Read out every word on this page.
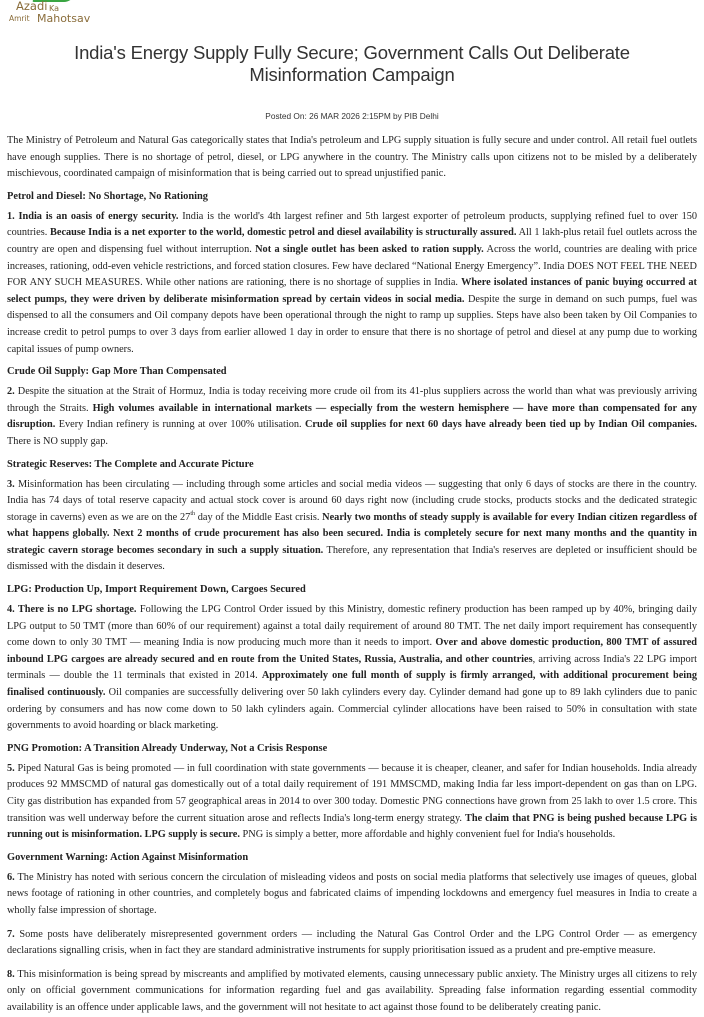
Azadi Ka
Amrit Mahotsav
India's Energy Supply Fully Secure; Government Calls Out Deliberate
Misinformation Campaign
Posted On: 26 MAR 2026 2:15PM by PIB Delhi

The Ministry of Petroleum and Natural Gas categorically states that India's petroleum and LPG supply situation is fully secure and under control. All retail fuel outlets have enough supplies. There is no shortage of petrol, diesel, or LPG anywhere in the country. The Ministry calls upon citizens not to be misled by a deliberately mischievous, coordinated campaign of misinformation that is being carried out to spread unjustified panic.

Petrol and Diesel: No Shortage, No Rationing

1. India is an oasis of energy security. India is the world's 4th largest refiner and 5th largest exporter of petroleum products, supplying refined fuel to over 150 countries. Because India is a net exporter to the world, domestic petrol and diesel availability is structurally assured. All 1 lakh-plus retail fuel outlets across the country are open and dispensing fuel without interruption. Not a single outlet has been asked to ration supply. Across the world, countries are dealing with price increases, rationing, odd-even vehicle restrictions, and forced station closures. Few have declared “National Energy Emergency”. India DOES NOT FEEL THE NEED FOR ANY SUCH MEASURES. While other nations are rationing, there is no shortage of supplies in India. Where isolated instances of panic buying occurred at select pumps, they were driven by deliberate misinformation spread by certain videos in social media. Despite the surge in demand on such pumps, fuel was dispensed to all the consumers and Oil company depots have been operational through the night to ramp up supplies. Steps have also been taken by Oil Companies to increase credit to petrol pumps to over 3 days from earlier allowed 1 day in order to ensure that there is no shortage of petrol and diesel at any pump due to working capital issues of pump owners.

Crude Oil Supply: Gap More Than Compensated

2. Despite the situation at the Strait of Hormuz, India is today receiving more crude oil from its 41-plus suppliers across the world than what was previously arriving through the Straits. High volumes available in international markets — especially from the western hemisphere — have more than compensated for any disruption. Every Indian refinery is running at over 100% utilisation. Crude oil supplies for next 60 days have already been tied up by Indian Oil companies. There is NO supply gap.

Strategic Reserves: The Complete and Accurate Picture

3. Misinformation has been circulating — including through some articles and social media videos — suggesting that only 6 days of stocks are there in the country. India has 74 days of total reserve capacity and actual stock cover is around 60 days right now (including crude stocks, products stocks and the dedicated strategic storage in caverns) even as we are on the 27th day of the Middle East crisis. Nearly two months of steady supply is available for every Indian citizen regardless of what happens globally. Next 2 months of crude procurement has also been secured. India is completely secure for next many months and the quantity in strategic cavern storage becomes secondary in such a supply situation. Therefore, any representation that India's reserves are depleted or insufficient should be dismissed with the disdain it deserves.

LPG: Production Up, Import Requirement Down, Cargoes Secured

4. There is no LPG shortage. Following the LPG Control Order issued by this Ministry, domestic refinery production has been ramped up by 40%, bringing daily LPG output to 50 TMT (more than 60% of our requirement) against a total daily requirement of around 80 TMT. The net daily import requirement has consequently come down to only 30 TMT — meaning India is now producing much more than it needs to import. Over and above domestic production, 800 TMT of assured inbound LPG cargoes are already secured and en route from the United States, Russia, Australia, and other countries, arriving across India's 22 LPG import terminals — double the 11 terminals that existed in 2014. Approximately one full month of supply is firmly arranged, with additional procurement being finalised continuously. Oil companies are successfully delivering over 50 lakh cylinders every day. Cylinder demand had gone up to 89 lakh cylinders due to panic ordering by consumers and has now come down to 50 lakh cylinders again. Commercial cylinder allocations have been raised to 50% in consultation with state governments to avoid hoarding or black marketing.

PNG Promotion: A Transition Already Underway, Not a Crisis Response

5. Piped Natural Gas is being promoted — in full coordination with state governments — because it is cheaper, cleaner, and safer for Indian households. India already produces 92 MMSCMD of natural gas domestically out of a total daily requirement of 191 MMSCMD, making India far less import-dependent on gas than on LPG. City gas distribution has expanded from 57 geographical areas in 2014 to over 300 today. Domestic PNG connections have grown from 25 lakh to over 1.5 crore. This transition was well underway before the current situation arose and reflects India's long-term energy strategy. The claim that PNG is being pushed because LPG is running out is misinformation. LPG supply is secure. PNG is simply a better, more affordable and highly convenient fuel for India's households.

Government Warning: Action Against Misinformation

6. The Ministry has noted with serious concern the circulation of misleading videos and posts on social media platforms that selectively use images of queues, global news footage of rationing in other countries, and completely bogus and fabricated claims of impending lockdowns and emergency fuel measures in India to create a wholly false impression of shortage.

7. Some posts have deliberately misrepresented government orders — including the Natural Gas Control Order and the LPG Control Order — as emergency declarations signalling crisis, when in fact they are standard administrative instruments for supply prioritisation issued as a prudent and pre-emptive measure.

8. This misinformation is being spread by miscreants and amplified by motivated elements, causing unnecessary public anxiety. The Ministry urges all citizens to rely only on official government communications for information regarding fuel and gas availability. Spreading false information regarding essential commodity availability is an offence under applicable laws, and the government will not hesitate to act against those found to be deliberately creating panic.
